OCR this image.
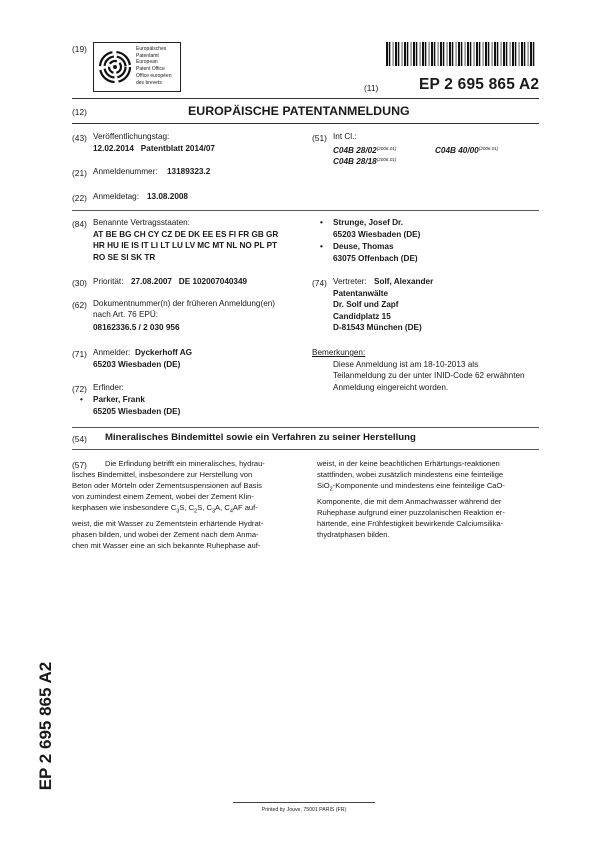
(19)	Europäisches
Patentamt
European
Patent Office
Office européen
des brevets
(11)	EP 2 695 865 A2
(12)	EUROPÄISCHE PATENTANMELDUNG
(43) Veröffentlichungstag:
12.02.2014   Patentblatt 2014/07
(21) Anmeldenummer: 13189323.2
(22) Anmeldetag: 13.08.2008
(84) Benannte Vertragsstaaten:
AT BE BG CH CY CZ DE DK EE ES FI FR GB GR
HR HU IE IS IT LI LT LU LV MC MT NL NO PL PT
RO SE SI SK TR
(30) Priorität: 27.08.2007   DE 102007040349
(62) Dokumentnummer(n) der früheren Anmeldung(en)
nach Art. 76 EPÜ:
08162336.5 / 2 030 956
(71) Anmelder: Dyckerhoff AG
65203 Wiesbaden (DE)
(72) Erfinder:
• Parker, Frank
65205 Wiesbaden (DE)
(51) Int Cl.:
C04B $28/02^{(2006.01)}$	C04B $40/00^{(2006.01)}$
C04B $28/18^{(2006.01)}$
• Strunge, Josef Dr.
65203 Wiesbaden (DE)
• Deuse, Thomas
63075 Offenbach (DE)
(74) Vertreter: Solf, Alexander
Patentanwälte
Dr. Solf und Zapf
Candidplatz 15
D-81543 München (DE)
Bemerkungen:
Diese Anmeldung ist am 18-10-2013 als
Teilanmeldung zu der unter INID-Code 62 erwähnten
Anmeldung eingereicht worden.
(54) Mineralisches Bindemittel sowie ein Verfahren zu seiner Herstellung
(57)	Die Erfindung betrifft ein mineralisches, hydrau-
lisches Bindemittel, insbesondere zur Herstellung von
Beton oder Mörteln oder Zementsuspensionen auf Basis
von zumindest einem Zement, wobei der Zement Klin-
kerphasen wie insbesondere $C_3S$, $C_2S$, $C_3A$, $C_4AF$ auf-
weist, die mit Wasser zu Zementstein erhärtende Hydrat-
phasen bilden, und wobei der Zement nach dem Anma-
chen mit Wasser eine an sich bekannte Ruhephase auf-
weist, in der keine beachtlichen Erhärtungs-reaktionen
stattfinden, wobei zusätzlich mindestens eine feinteilige
SiO$_2$-Komponente und mindestens eine feinteilige CaO-
Komponente, die mit dem Anmachwasser während der
Ruhephase aufgrund einer puzzolanischen Reaktion er-
härtende, eine Frühfestigkeit bewirkende Calciumsilika-
thydratphasen bilden.
EP 2 695 865 A2
Printed by Jouve, 75001 PARIS (FR)
